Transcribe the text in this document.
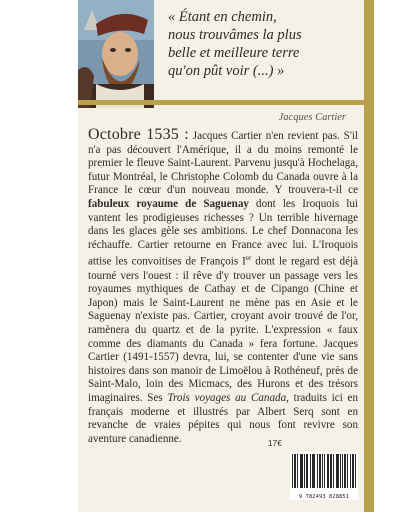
« Étant en chemin,
nous trouvâmes la plus
belle et meilleure terre
qu'on pût voir (...) »
Jacques Cartier
Octobre 1535 : Jacques Cartier n'en revient pas. S'il n'a pas découvert l'Amérique, il a du moins remonté le premier le fleuve Saint-Laurent. Parvenu jusqu'à Hochelaga, futur Montréal, le Christophe Colomb du Canada ouvre à la France le cœur d'un nouveau monde. Y trouvera-t-il ce fabuleux royaume de Saguenay dont les Iroquois lui vantent les prodigieuses richesses ? Un terrible hivernage dans les glaces gèle ses ambitions. Le chef Donnacona les réchauffe. Cartier retourne en France avec lui. L'Iroquois attise les convoitises de François Ier dont le regard est déjà tourné vers l'ouest : il rêve d'y trouver un passage vers les royaumes mythiques de Cathay et de Cipango (Chine et Japon) mais le Saint-Laurent ne mène pas en Asie et le Saguenay n'existe pas. Cartier, croyant avoir trouvé de l'or, ramènera du quartz et de la pyrite. L'expression « faux comme des diamants du Canada » fera fortune. Jacques Cartier (1491-1557) devra, lui, se contenter d'une vie sans histoires dans son manoir de Limoëlou à Rothéneuf, près de Saint-Malo, loin des Micmacs, des Hurons et des trésors imaginaires. Ses Trois voyages au Canada, traduits ici en français moderne et illustrés par Albert Serq sont en revanche de vraies pépites qui nous font revivre son aventure canadienne.	17€
9 782493 828851
